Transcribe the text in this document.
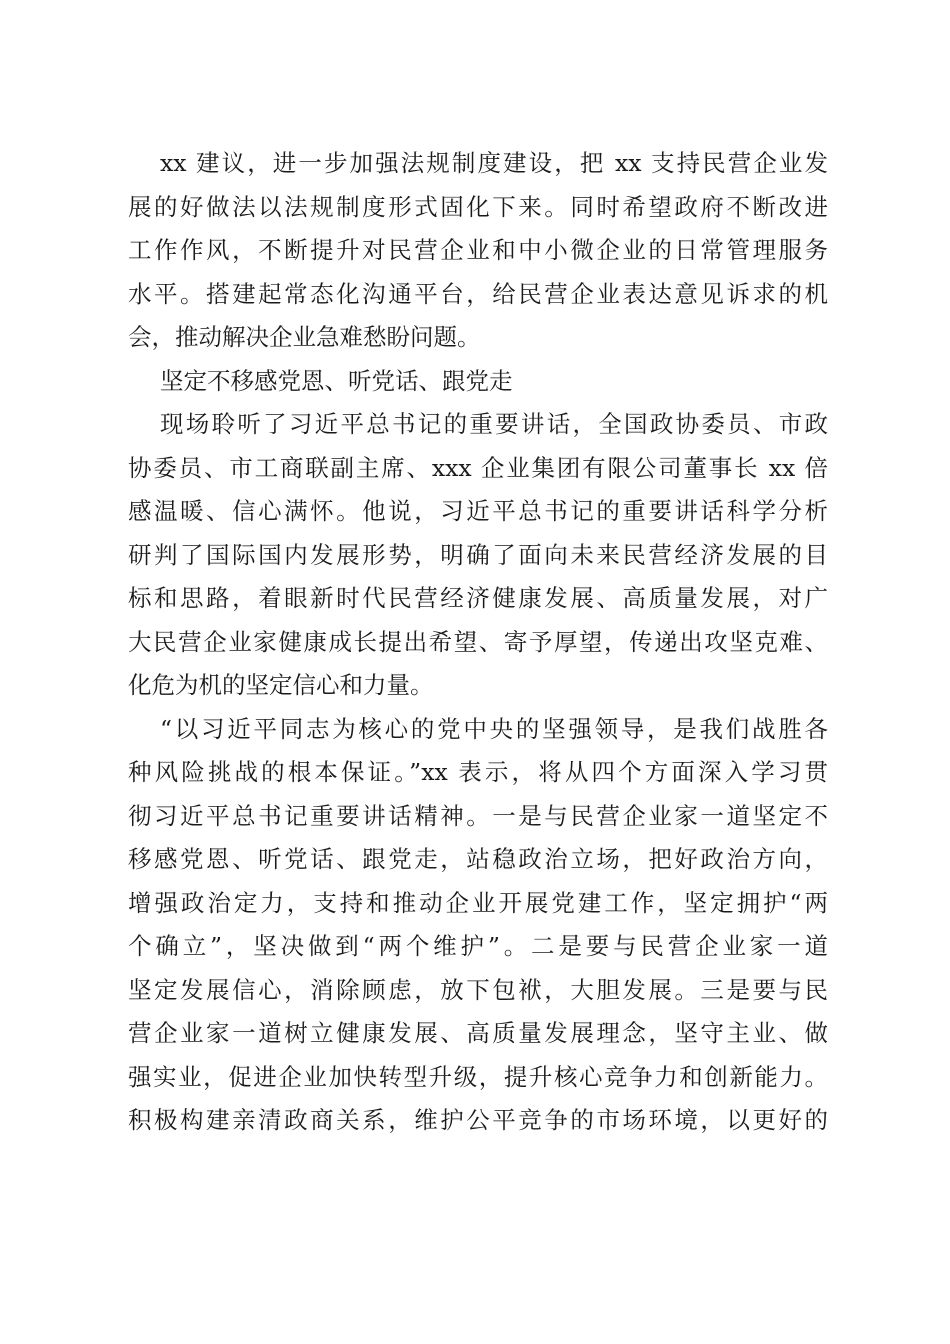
xx 建议，进一步加强法规制度建设，把 xx 支持民营企业发
展的好做法以法规制度形式固化下来。同时希望政府不断改进
工作作风，不断提升对民营企业和中小微企业的日常管理服务
水平。搭建起常态化沟通平台，给民营企业表达意见诉求的机
会，推动解决企业急难愁盼问题。
坚定不移感党恩、听党话、跟党走
现场聆听了习近平总书记的重要讲话，全国政协委员、市政
协委员、市工商联副主席、xxx 企业集团有限公司董事长 xx 倍
感温暖、信心满怀。他说，习近平总书记的重要讲话科学分析
研判了国际国内发展形势，明确了面向未来民营经济发展的目
标和思路，着眼新时代民营经济健康发展、高质量发展，对广
大民营企业家健康成长提出希望、寄予厚望，传递出攻坚克难、
化危为机的坚定信心和力量。
“以习近平同志为核心的党中央的坚强领导，是我们战胜各
种风险挑战的根本保证。”xx 表示，将从四个方面深入学习贯
彻习近平总书记重要讲话精神。一是与民营企业家一道坚定不
移感党恩、听党话、跟党走，站稳政治立场，把好政治方向，
增强政治定力，支持和推动企业开展党建工作，坚定拥护“两
个确立”，坚决做到“两个维护”。二是要与民营企业家一道
坚定发展信心，消除顾虑，放下包袱，大胆发展。三是要与民
营企业家一道树立健康发展、高质量发展理念，坚守主业、做
强实业，促进企业加快转型升级，提升核心竞争力和创新能力。
积极构建亲清政商关系，维护公平竞争的市场环境，以更好的
